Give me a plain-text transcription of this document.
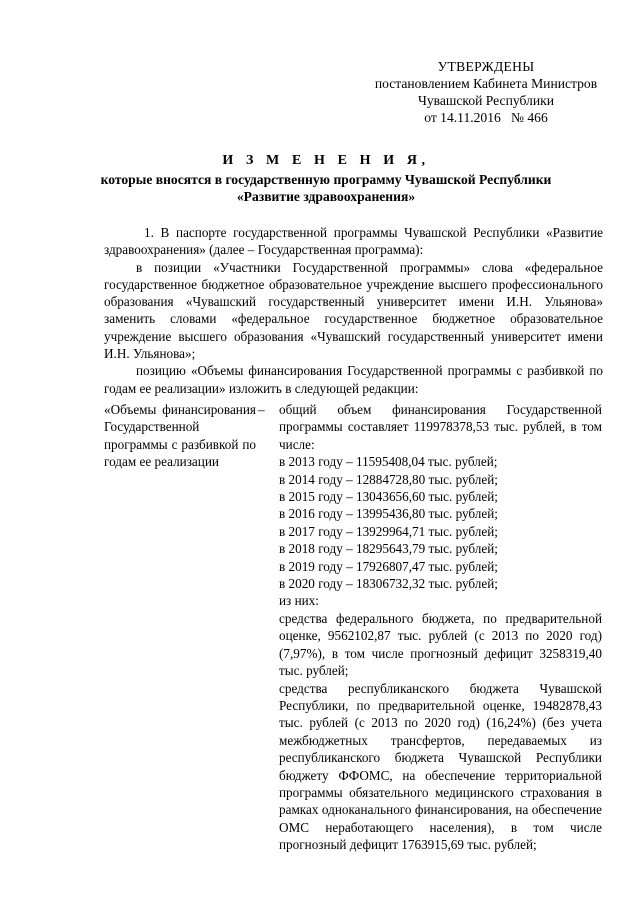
УТВЕРЖДЕНЫ
постановлением Кабинета Министров
Чувашской Республики
от 14.11.2016   № 466
И З М Е Н Е Н И Я,
которые вносятся в государственную программу Чувашской Республики
«Развитие здравоохранения»

1. В паспорте государственной программы Чувашской Республики «Развитие здравоохранения» (далее – Государственная программа):

в позиции «Участники Государственной программы» слова «федеральное государственное бюджетное образовательное учреждение высшего профессионального образования «Чувашский государственный университет имени И.Н. Ульянова» заменить словами «федеральное государственное бюджетное образовательное учреждение высшего образования «Чувашский государственный университет имени И.Н. Ульянова»;

позицию «Объемы финансирования Государственной программы с разбивкой по годам ее реализации» изложить в следующей редакции:

«Объемы финансирования Государственной программы с разбивкой по годам ее реализации
– общий объем финансирования Государственной программы составляет 119978378,53 тыс. рублей, в том числе:
в 2013 году – 11595408,04 тыс. рублей;
в 2014 году – 12884728,80 тыс. рублей;
в 2015 году – 13043656,60 тыс. рублей;
в 2016 году – 13995436,80 тыс. рублей;
в 2017 году – 13929964,71 тыс. рублей;
в 2018 году – 18295643,79 тыс. рублей;
в 2019 году – 17926807,47 тыс. рублей;
в 2020 году – 18306732,32 тыс. рублей;
из них:
средства федерального бюджета, по предварительной оценке, 9562102,87 тыс. рублей (с 2013 по 2020 год) (7,97%), в том числе прогнозный дефицит 3258319,40 тыс. рублей;
средства республиканского бюджета Чувашской Республики, по предварительной оценке, 19482878,43 тыс. рублей (с 2013 по 2020 год) (16,24%) (без учета межбюджетных трансфертов, передаваемых из республиканского бюджета Чувашской Республики бюджету ФФОМС, на обеспечение территориальной программы обязательного медицинского страхования в рамках одноканального финансирования, на обеспечение ОМС неработающего населения), в том числе прогнозный дефицит 1763915,69 тыс. рублей;
